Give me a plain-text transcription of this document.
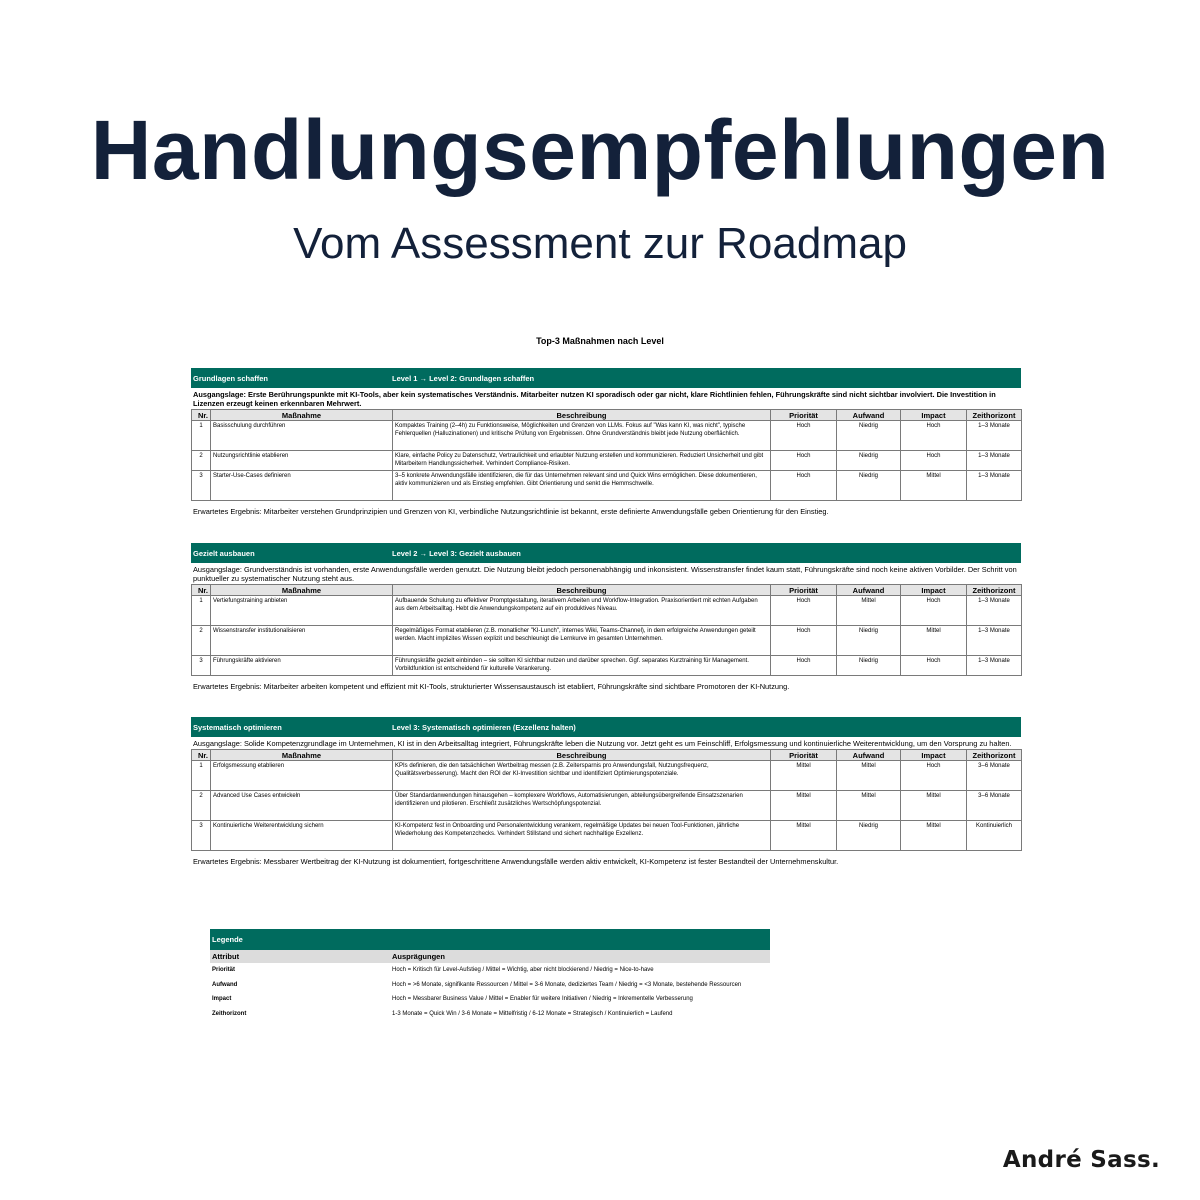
Handlungsempfehlungen
Vom Assessment zur Roadmap
Top-3 Maßnahmen nach Level
Grundlagen schaffen	Level 1 → Level 2: Grundlagen schaffen
Ausgangslage: Erste Berührungspunkte mit KI-Tools, aber kein systematisches Verständnis. Mitarbeiter nutzen KI sporadisch oder gar nicht, klare Richtlinien fehlen, Führungskräfte sind nicht sichtbar involviert. Die Investition in Lizenzen erzeugt keinen erkennbaren Mehrwert.
Nr.	Maßnahme	Beschreibung	Priorität	Aufwand	Impact	Zeithorizont
1	Basisschulung durchführen	Kompaktes Training (2–4h) zu Funktionsweise, Möglichkeiten und Grenzen von LLMs. Fokus auf "Was kann KI, was nicht", typische Fehlerquellen (Halluzinationen) und kritische Prüfung von Ergebnissen. Ohne Grundverständnis bleibt jede Nutzung oberflächlich.	Hoch	Niedrig	Hoch	1–3 Monate
2	Nutzungsrichtlinie etablieren	Klare, einfache Policy zu Datenschutz, Vertraulichkeit und erlaubter Nutzung erstellen und kommunizieren. Reduziert Unsicherheit und gibt Mitarbeitern Handlungssicherheit. Verhindert Compliance-Risiken.	Hoch	Niedrig	Hoch	1–3 Monate
3	Starter-Use-Cases definieren	3–5 konkrete Anwendungsfälle identifizieren, die für das Unternehmen relevant sind und Quick Wins ermöglichen. Diese dokumentieren, aktiv kommunizieren und als Einstieg empfehlen. Gibt Orientierung und senkt die Hemmschwelle.	Hoch	Niedrig	Mittel	1–3 Monate
Erwartetes Ergebnis: Mitarbeiter verstehen Grundprinzipien und Grenzen von KI, verbindliche Nutzungsrichtlinie ist bekannt, erste definierte Anwendungsfälle geben Orientierung für den Einstieg.
Gezielt ausbauen	Level 2 → Level 3: Gezielt ausbauen
Ausgangslage: Grundverständnis ist vorhanden, erste Anwendungsfälle werden genutzt. Die Nutzung bleibt jedoch personenabhängig und inkonsistent. Wissenstransfer findet kaum statt, Führungskräfte sind noch keine aktiven Vorbilder. Der Schritt von punktueller zu systematischer Nutzung steht aus.
Nr.	Maßnahme	Beschreibung	Priorität	Aufwand	Impact	Zeithorizont
1	Vertiefungstraining anbieten	Aufbauende Schulung zu effektiver Promptgestaltung, iterativem Arbeiten und Workflow-Integration. Praxisorientiert mit echten Aufgaben aus dem Arbeitsalltag. Hebt die Anwendungskompetenz auf ein produktives Niveau.	Hoch	Mittel	Hoch	1–3 Monate
2	Wissenstransfer institutionalisieren	Regelmäßiges Format etablieren (z.B. monatlicher "KI-Lunch", internes Wiki, Teams-Channel), in dem erfolgreiche Anwendungen geteilt werden. Macht implizites Wissen explizit und beschleunigt die Lernkurve im gesamten Unternehmen.	Hoch	Niedrig	Mittel	1–3 Monate
3	Führungskräfte aktivieren	Führungskräfte gezielt einbinden – sie sollten KI sichtbar nutzen und darüber sprechen. Ggf. separates Kurztraining für Management. Vorbildfunktion ist entscheidend für kulturelle Verankerung.	Hoch	Niedrig	Hoch	1–3 Monate
Erwartetes Ergebnis: Mitarbeiter arbeiten kompetent und effizient mit KI-Tools, strukturierter Wissensaustausch ist etabliert, Führungskräfte sind sichtbare Promotoren der KI-Nutzung.
Systematisch optimieren	Level 3: Systematisch optimieren (Exzellenz halten)
Ausgangslage: Solide Kompetenzgrundlage im Unternehmen, KI ist in den Arbeitsalltag integriert, Führungskräfte leben die Nutzung vor. Jetzt geht es um Feinschliff, Erfolgsmessung und kontinuierliche Weiterentwicklung, um den Vorsprung zu halten.
Nr.	Maßnahme	Beschreibung	Priorität	Aufwand	Impact	Zeithorizont
1	Erfolgsmessung etablieren	KPIs definieren, die den tatsächlichen Wertbeitrag messen (z.B. Zeitersparnis pro Anwendungsfall, Nutzungsfrequenz, Qualitätsverbesserung). Macht den ROI der KI-Investition sichtbar und identifiziert Optimierungspotenziale.	Mittel	Mittel	Hoch	3–6 Monate
2	Advanced Use Cases entwickeln	Über Standardanwendungen hinausgehen – komplexere Workflows, Automatisierungen, abteilungsübergreifende Einsatzszenarien identifizieren und pilotieren. Erschließt zusätzliches Wertschöpfungspotenzial.	Mittel	Mittel	Mittel	3–6 Monate
3	Kontinuierliche Weiterentwicklung sichern	KI-Kompetenz fest in Onboarding und Personalentwicklung verankern, regelmäßige Updates bei neuen Tool-Funktionen, jährliche Wiederholung des Kompetenzchecks. Verhindert Stillstand und sichert nachhaltige Exzellenz.	Mittel	Niedrig	Mittel	Kontinuierlich
Erwartetes Ergebnis: Messbarer Wertbeitrag der KI-Nutzung ist dokumentiert, fortgeschrittene Anwendungsfälle werden aktiv entwickelt, KI-Kompetenz ist fester Bestandteil der Unternehmenskultur.
Legende
Attribut	Ausprägungen
Priorität	Hoch = Kritisch für Level-Aufstieg / Mittel = Wichtig, aber nicht blockierend / Niedrig = Nice-to-have
Aufwand	Hoch = >6 Monate, signifikante Ressourcen / Mittel = 3-6 Monate, dediziertes Team / Niedrig = <3 Monate, bestehende Ressourcen
Impact	Hoch = Messbarer Business Value / Mittel = Enabler für weitere Initiativen / Niedrig = Inkrementelle Verbesserung
Zeithorizont	1-3 Monate = Quick Win / 3-6 Monate = Mittelfristig / 6-12 Monate = Strategisch / Kontinuierlich = Laufend
André Sass.
